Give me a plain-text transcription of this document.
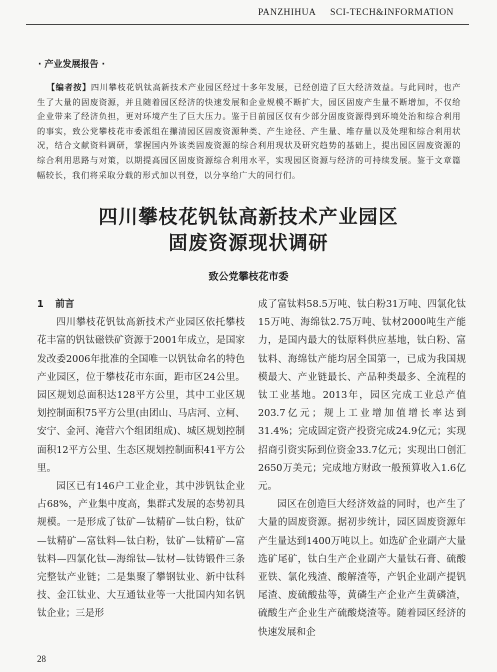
PANZHIHUA SCI-TECH&INFORMATION
· 产业发展报告 ·
【编者按】四川攀枝花钒钛高新技术产业园区经过十多年发展，已经创造了巨大经济效益。与此同时，也产生了大量的固废资源，并且随着园区经济的快速发展和企业规模不断扩大，园区固废产生量不断增加，不仅给企业带来了经济负担，更对环境产生了巨大压力。鉴于目前园区仅有少部分固废资源得到环境处治和综合利用的事实，致公党攀枝花市委派组在攥清园区固废资源种类、产生途径、产生量、堆存量以及处理和综合利用状况，结合文献资料调研，掌握国内外该类固废资源的综合利用现状及研究趋势的基础上，提出园区固废资源的综合利用思路与对策，以期提高园区固废资源综合利用水平，实现园区资源与经济的可持续发展。鉴于文章篇幅较长，我们将采取分载的形式加以刊登，以分享给广大的同行们。
四川攀枝花钒钛高新技术产业园区
固废资源现状调研
致公党攀枝花市委

1 前言

四川攀枝花钒钛高新技术产业园区依托攀枝花丰富的钒钛磁铁矿资源于2001年成立，是国家发改委2006年批准的全国唯一以钒钛命名的特色产业园区，位于攀枝花市东面，距市区24公里。园区规划总面积达128平方公里，其中工业区规划控制面积75平方公里(由团山、马店河、立柯、安宁、金河、淹营六个组团组成)、城区规划控制面积12平方公里、生态区规划控制面积41平方公里。

园区已有146户工业企业，其中涉钒钛企业占68%，产业集中度高，集群式发展的态势初具规模。一是形成了钛矿—钛精矿—钛白粉，钛矿—钛精矿—富钛料—钛白粉，钛矿—钛精矿—富钛料—四氯化钛—海绵钛—钛材—钛铸锻件三条完整钛产业链；二是集聚了攀钢钛业、新中钛科技、金江钛业、大互通钛业等一大批国内知名钒钛企业；三是形

成了富钛料58.5万吨、钛白粉31万吨、四氯化钛15万吨、海绵钛2.75万吨、钛材2000吨生产能力，是国内最大的钛原料供应基地，钛白粉、富钛料、海绵钛产能均居全国第一，已成为我国规模最大、产业链最长、产品种类最多、全流程的钛工业基地。2013年，园区完成工业总产值203.7亿元；规上工业增加值增长率达到31.4%；完成固定资产投资完成24.9亿元；实现招商引资实际到位资金33.7亿元；实现出口创汇2650万美元；完成地方财政一般预算收入1.6亿元。

园区在创造巨大经济效益的同时，也产生了大量的固废资源。据初步统计，园区固废资源年产生量达到1400万吨以上。如选矿企业副产大量选矿尾矿，钛白生产企业副产大量钛石膏、硫酸亚铁、氯化残渣、酸解渣等，产钒企业副产提钒尾渣、废硫酸盐等，黄磷生产企业产生黄磷渣，硫酸生产企业生产硫酸烧渣等。随着园区经济的快速发展和企

28
